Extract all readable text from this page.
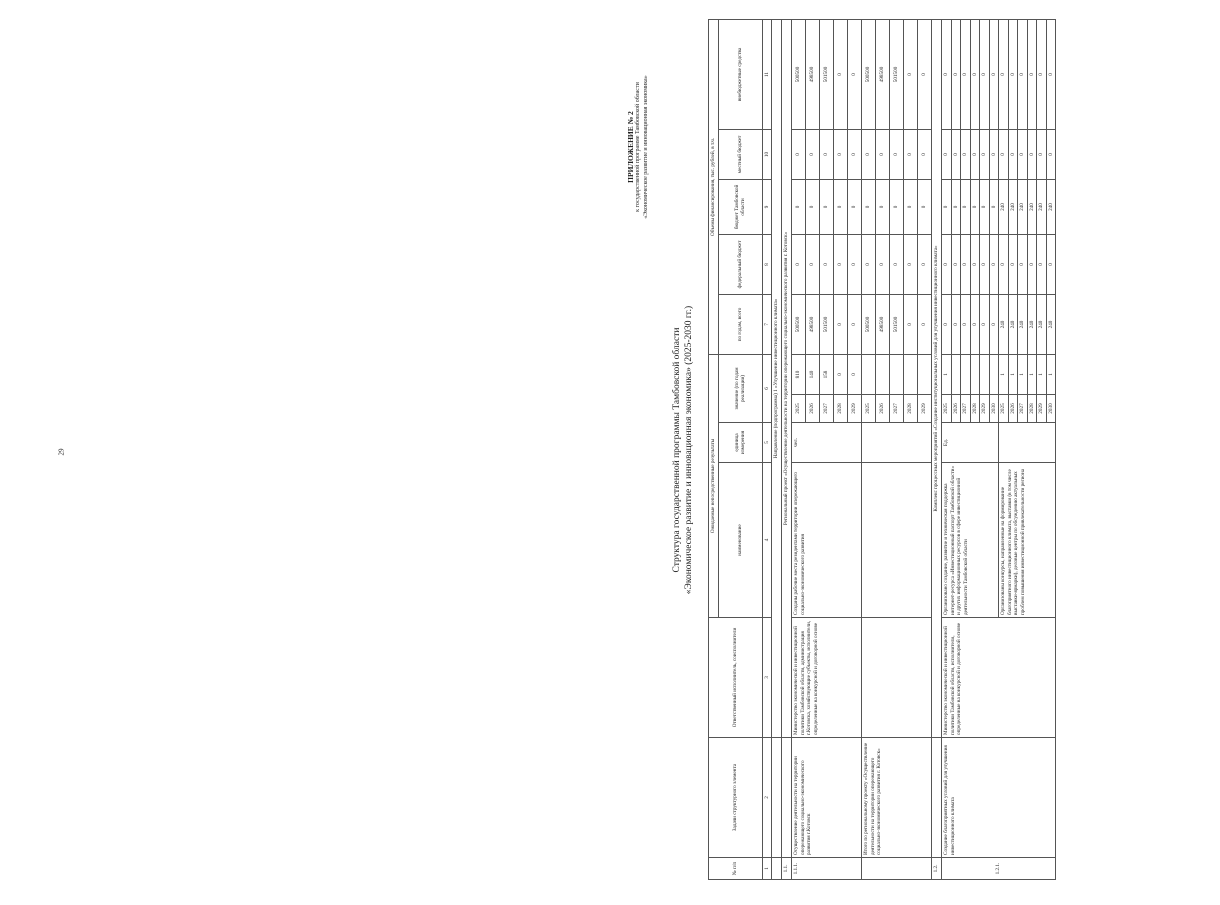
29
ПРИЛОЖЕНИЕ № 2 к государственной программе Тамбовской области «Экономическое развитие и инновационная экономика»
Структура государственной программы Тамбовской области «Экономическое развитие и инновационная экономика» (2025-2030 гг.)
№ п/п	Задачи структурного элемента	Ответственный исполнитель, соисполнители	Ожидаемые непосредственные результаты				Объемы финансирования, тыс. рублей, в т.ч.				
			наименование	единица измерения	значение (по годам реализации)		по годам, всего	федеральный бюджет	бюджет Тамбовской области	местный бюджет	внебюджетные средства
1	2	3	4	5	6		7	8	9	10	11
		Направление (подпрограмма) 1 «Улучшение инвестиционного климата»									
1.1.		Региональный проект «Осуществление деятельности на территории опережающего социально-экономического развития г. Котовск»									
1.1.1.	Осуществление деятельности на территории опережающего социально-экономического развития г.Котовск	Министерство экономической и инвестиционной политики Тамбовской области, администрация г.Котовска, хозяйствующие субъекты, исполнители, определенные на конкурсной и договорной основе	Созданы рабочие места резидентами территории опережающего социально-экономического развития	чел.	2025	810	500500	0	0	0	500500
					2026	140	498500	0	0	0	498500
					2027	158	501500	0	0	0	501500
					2028	0	0	0	0	0	0
					2029	0	0	0	0	0	0
	Итого по региональному проекту «Осуществление деятельности на территории опережающего социально-экономического развития г. Котовск»				2025		500500	0	0	0	500500
					2026		498500	0	0	0	498500
					2027		501500	0	0	0	501500
					2028		0	0	0	0	0
					2029		0	0	0	0	0
1.2.		Комплекс процессных мероприятий «Создание институциональных условий для улучшения инвестиционного климата»									
1.2.1.	Создание благоприятных условий для улучшения инвестиционного климата	Министерство экономической и инвестиционной политики Тамбовской области, исполнители, определенные на конкурсной и договорной основе	Организовано создание, развитие и техническая поддержка интернет-ресурса «Инвестиционный паспорт Тамбовской области» и других информационных ресурсов в сфере инвестиционной деятельности Тамбовской области	Ед.	2025	1	0	0	0	0	0
					2026		0	0	0	0	0
					2027		0	0	0	0	0
					2028		0	0	0	0	0
					2029		0	0	0	0	0
					2030		0	0	0	0	0
			Организованы конкурсы, направленные на формирование благоприятного инвестиционного климата, выставки (в том числе выставки-ярмарки), деловые центры по обсуждению актуальных проблем повышения инвестиционной привлекательности региона		2025	1	240	0	240	0	0
					2026	1	240	0	240	0	0
					2027	1	240	0	240	0	0
					2028	1	240	0	240	0	0
					2029	1	240	0	240	0	0
					2030	1	240	0	240	0	0
